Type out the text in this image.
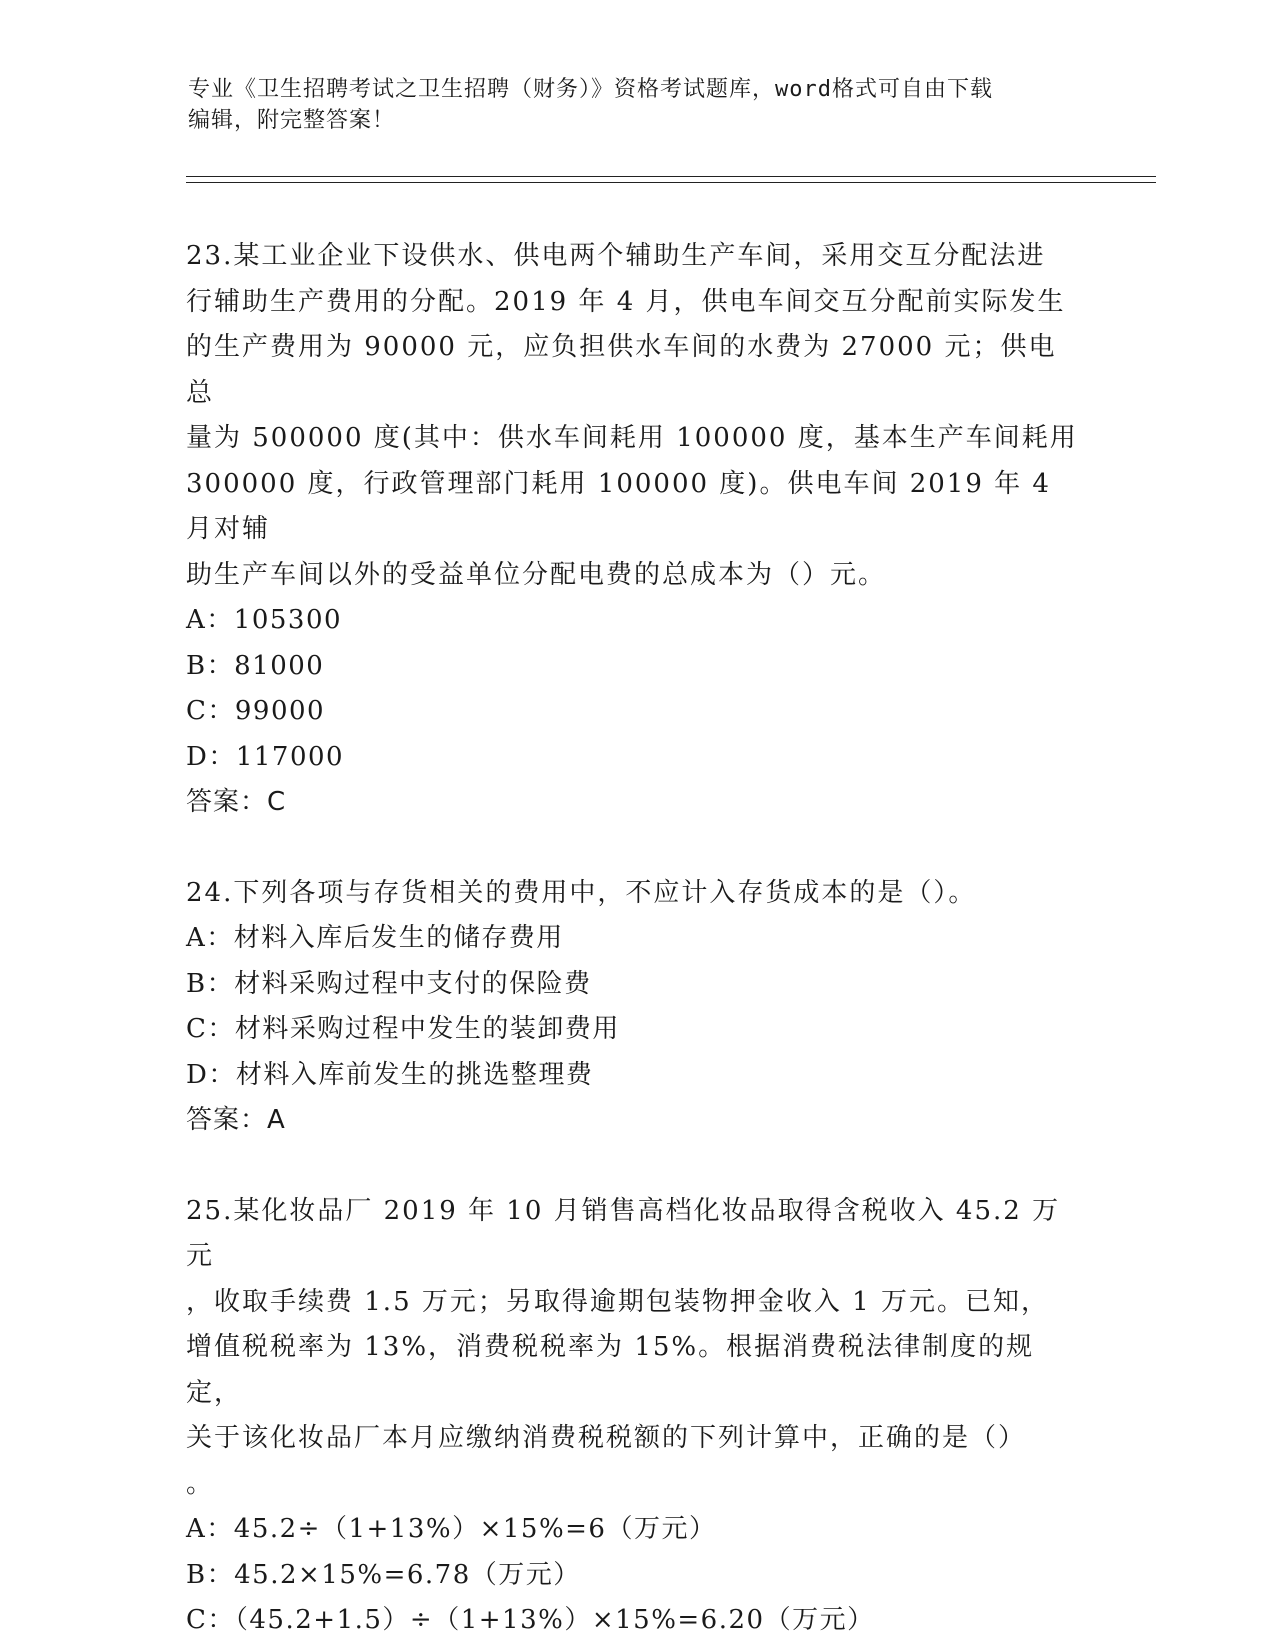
专业《卫生招聘考试之卫生招聘（财务）》资格考试题库，word格式可自由下载
编辑，附完整答案！

23.某工业企业下设供水、供电两个辅助生产车间，采用交互分配法进

行辅助生产费用的分配。2019 年 4 月，供电车间交互分配前实际发生

的生产费用为 90000 元，应负担供水车间的水费为 27000 元；供电总

量为 500000 度(其中：供水车间耗用 100000 度，基本生产车间耗用

300000 度，行政管理部门耗用 100000 度)。供电车间 2019 年 4 月对辅

助生产车间以外的受益单位分配电费的总成本为（）元。

A：105300

B：81000

C：99000

D：117000

答案：C

24.下列各项与存货相关的费用中，不应计入存货成本的是（）。

A：材料入库后发生的储存费用

B：材料采购过程中支付的保险费

C：材料采购过程中发生的装卸费用

D：材料入库前发生的挑选整理费

答案：A

25.某化妆品厂 2019 年 10 月销售高档化妆品取得含税收入 45.2 万元

，收取手续费 1.5 万元；另取得逾期包装物押金收入 1 万元。已知，

增值税税率为 13%，消费税税率为 15%。根据消费税法律制度的规定，

关于该化妆品厂本月应缴纳消费税税额的下列计算中，正确的是（）

。

A：45.2÷（1+13%）×15%=6（万元）

B：45.2×15%=6.78（万元）

C：（45.2+1.5）÷（1+13%）×15%=6.20（万元）
